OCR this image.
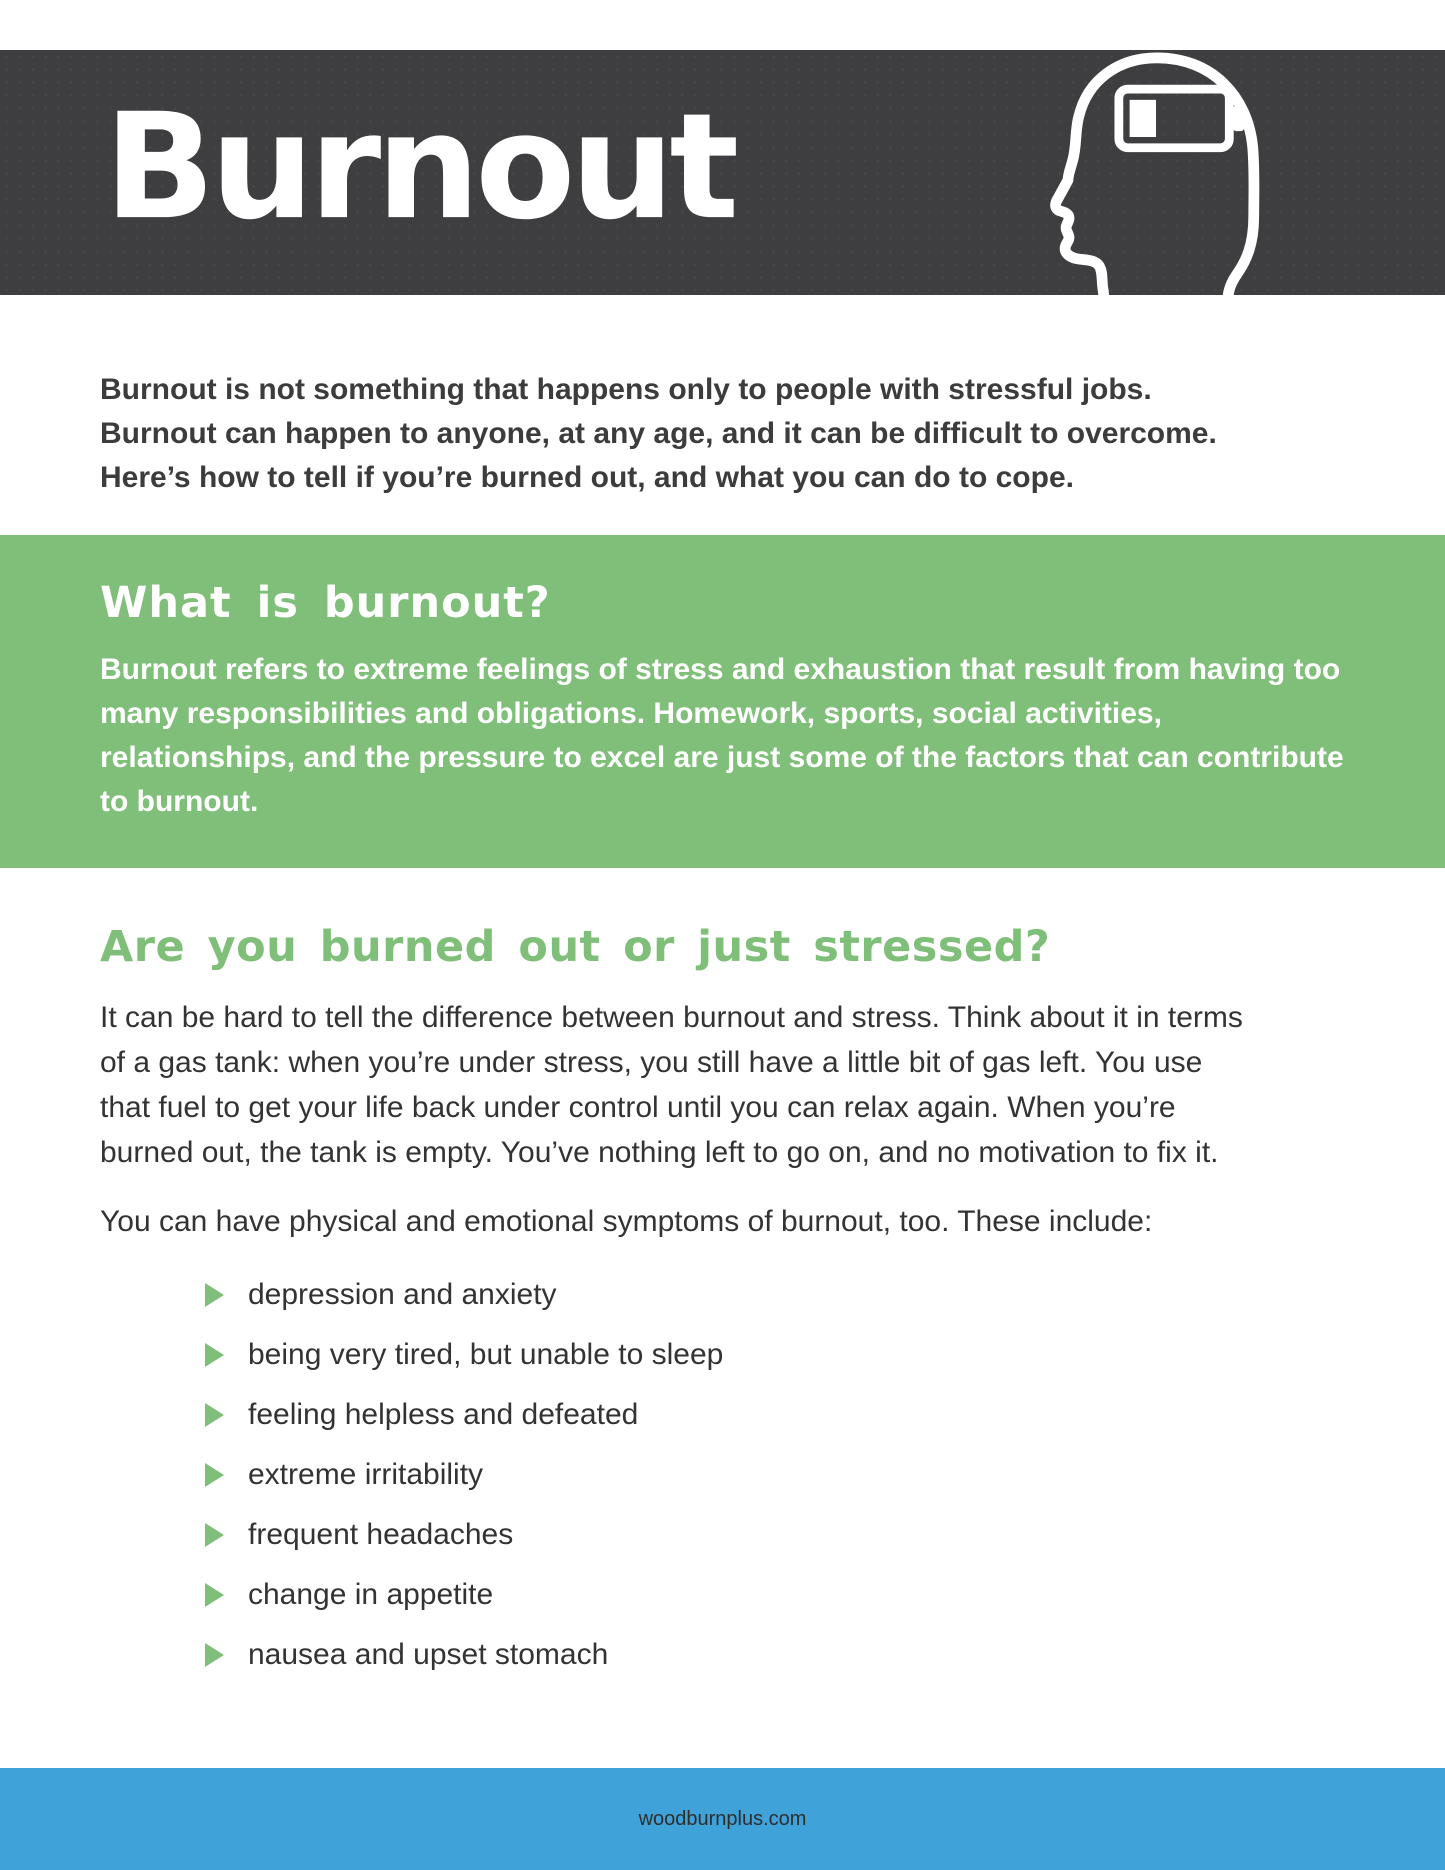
Burnout

Burnout is not something that happens only to people with stressful jobs. Burnout can happen to anyone, at any age, and it can be difficult to overcome. Here’s how to tell if you’re burned out, and what you can do to cope.

What is burnout?

Burnout refers to extreme feelings of stress and exhaustion that result from having too many responsibilities and obligations. Homework, sports, social activities, relationships, and the pressure to excel are just some of the factors that can contribute to burnout.

Are you burned out or just stressed?

It can be hard to tell the difference between burnout and stress. Think about it in terms of a gas tank: when you’re under stress, you still have a little bit of gas left. You use that fuel to get your life back under control until you can relax again. When you’re burned out, the tank is empty. You’ve nothing left to go on, and no motivation to fix it.

You can have physical and emotional symptoms of burnout, too. These include:

depression and anxiety
being very tired, but unable to sleep
feeling helpless and defeated
extreme irritability
frequent headaches
change in appetite
nausea and upset stomach
woodburnplus.com
